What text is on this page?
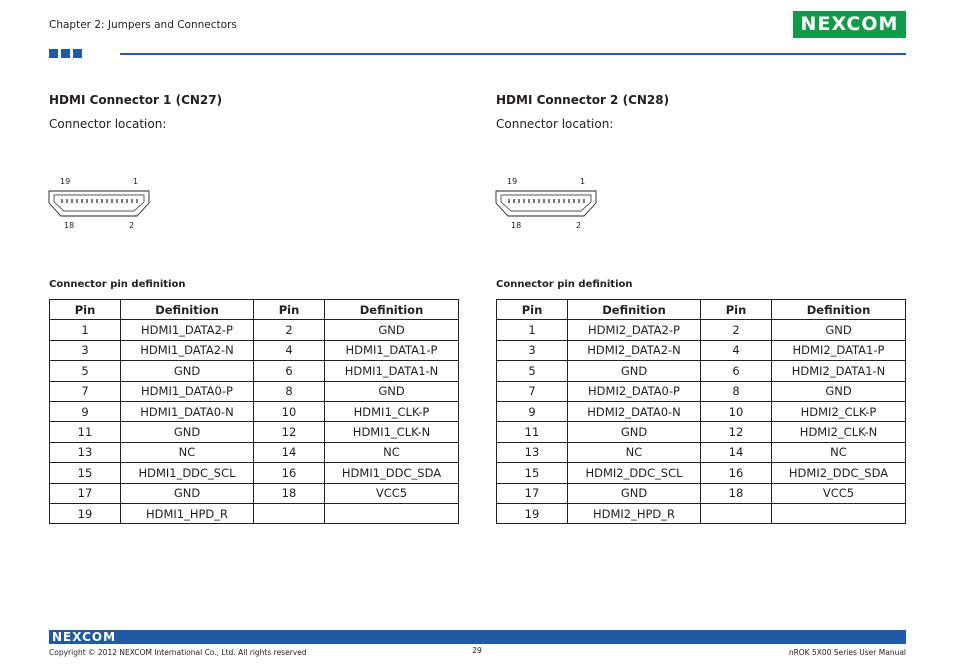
Chapter 2: Jumpers and Connectors	NEXCOM
HDMI Connector 1 (CN27)
Connector location:
19	1
18	2
Connector pin definition
Pin	Definition	Pin	Definition
1	HDMI1_DATA2-P	2	GND
3	HDMI1_DATA2-N	4	HDMI1_DATA1-P
5	GND	6	HDMI1_DATA1-N
7	HDMI1_DATA0-P	8	GND
9	HDMI1_DATA0-N	10	HDMI1_CLK-P
11	GND	12	HDMI1_CLK-N
13	NC	14	NC
15	HDMI1_DDC_SCL	16	HDMI1_DDC_SDA
17	GND	18	VCC5
19	HDMI1_HPD_R		
HDMI Connector 2 (CN28)
Connector location:
19	1
18	2
Connector pin definition
Pin	Definition	Pin	Definition
1	HDMI2_DATA2-P	2	GND
3	HDMI2_DATA2-N	4	HDMI2_DATA1-P
5	GND	6	HDMI2_DATA1-N
7	HDMI2_DATA0-P	8	GND
9	HDMI2_DATA0-N	10	HDMI2_CLK-P
11	GND	12	HDMI2_CLK-N
13	NC	14	NC
15	HDMI2_DDC_SCL	16	HDMI2_DDC_SDA
17	GND	18	VCC5
19	HDMI2_HPD_R		
NEXCOM
Copyright © 2012 NEXCOM International Co., Ltd. All rights reserved	29	nROK 5X00 Series User Manual
